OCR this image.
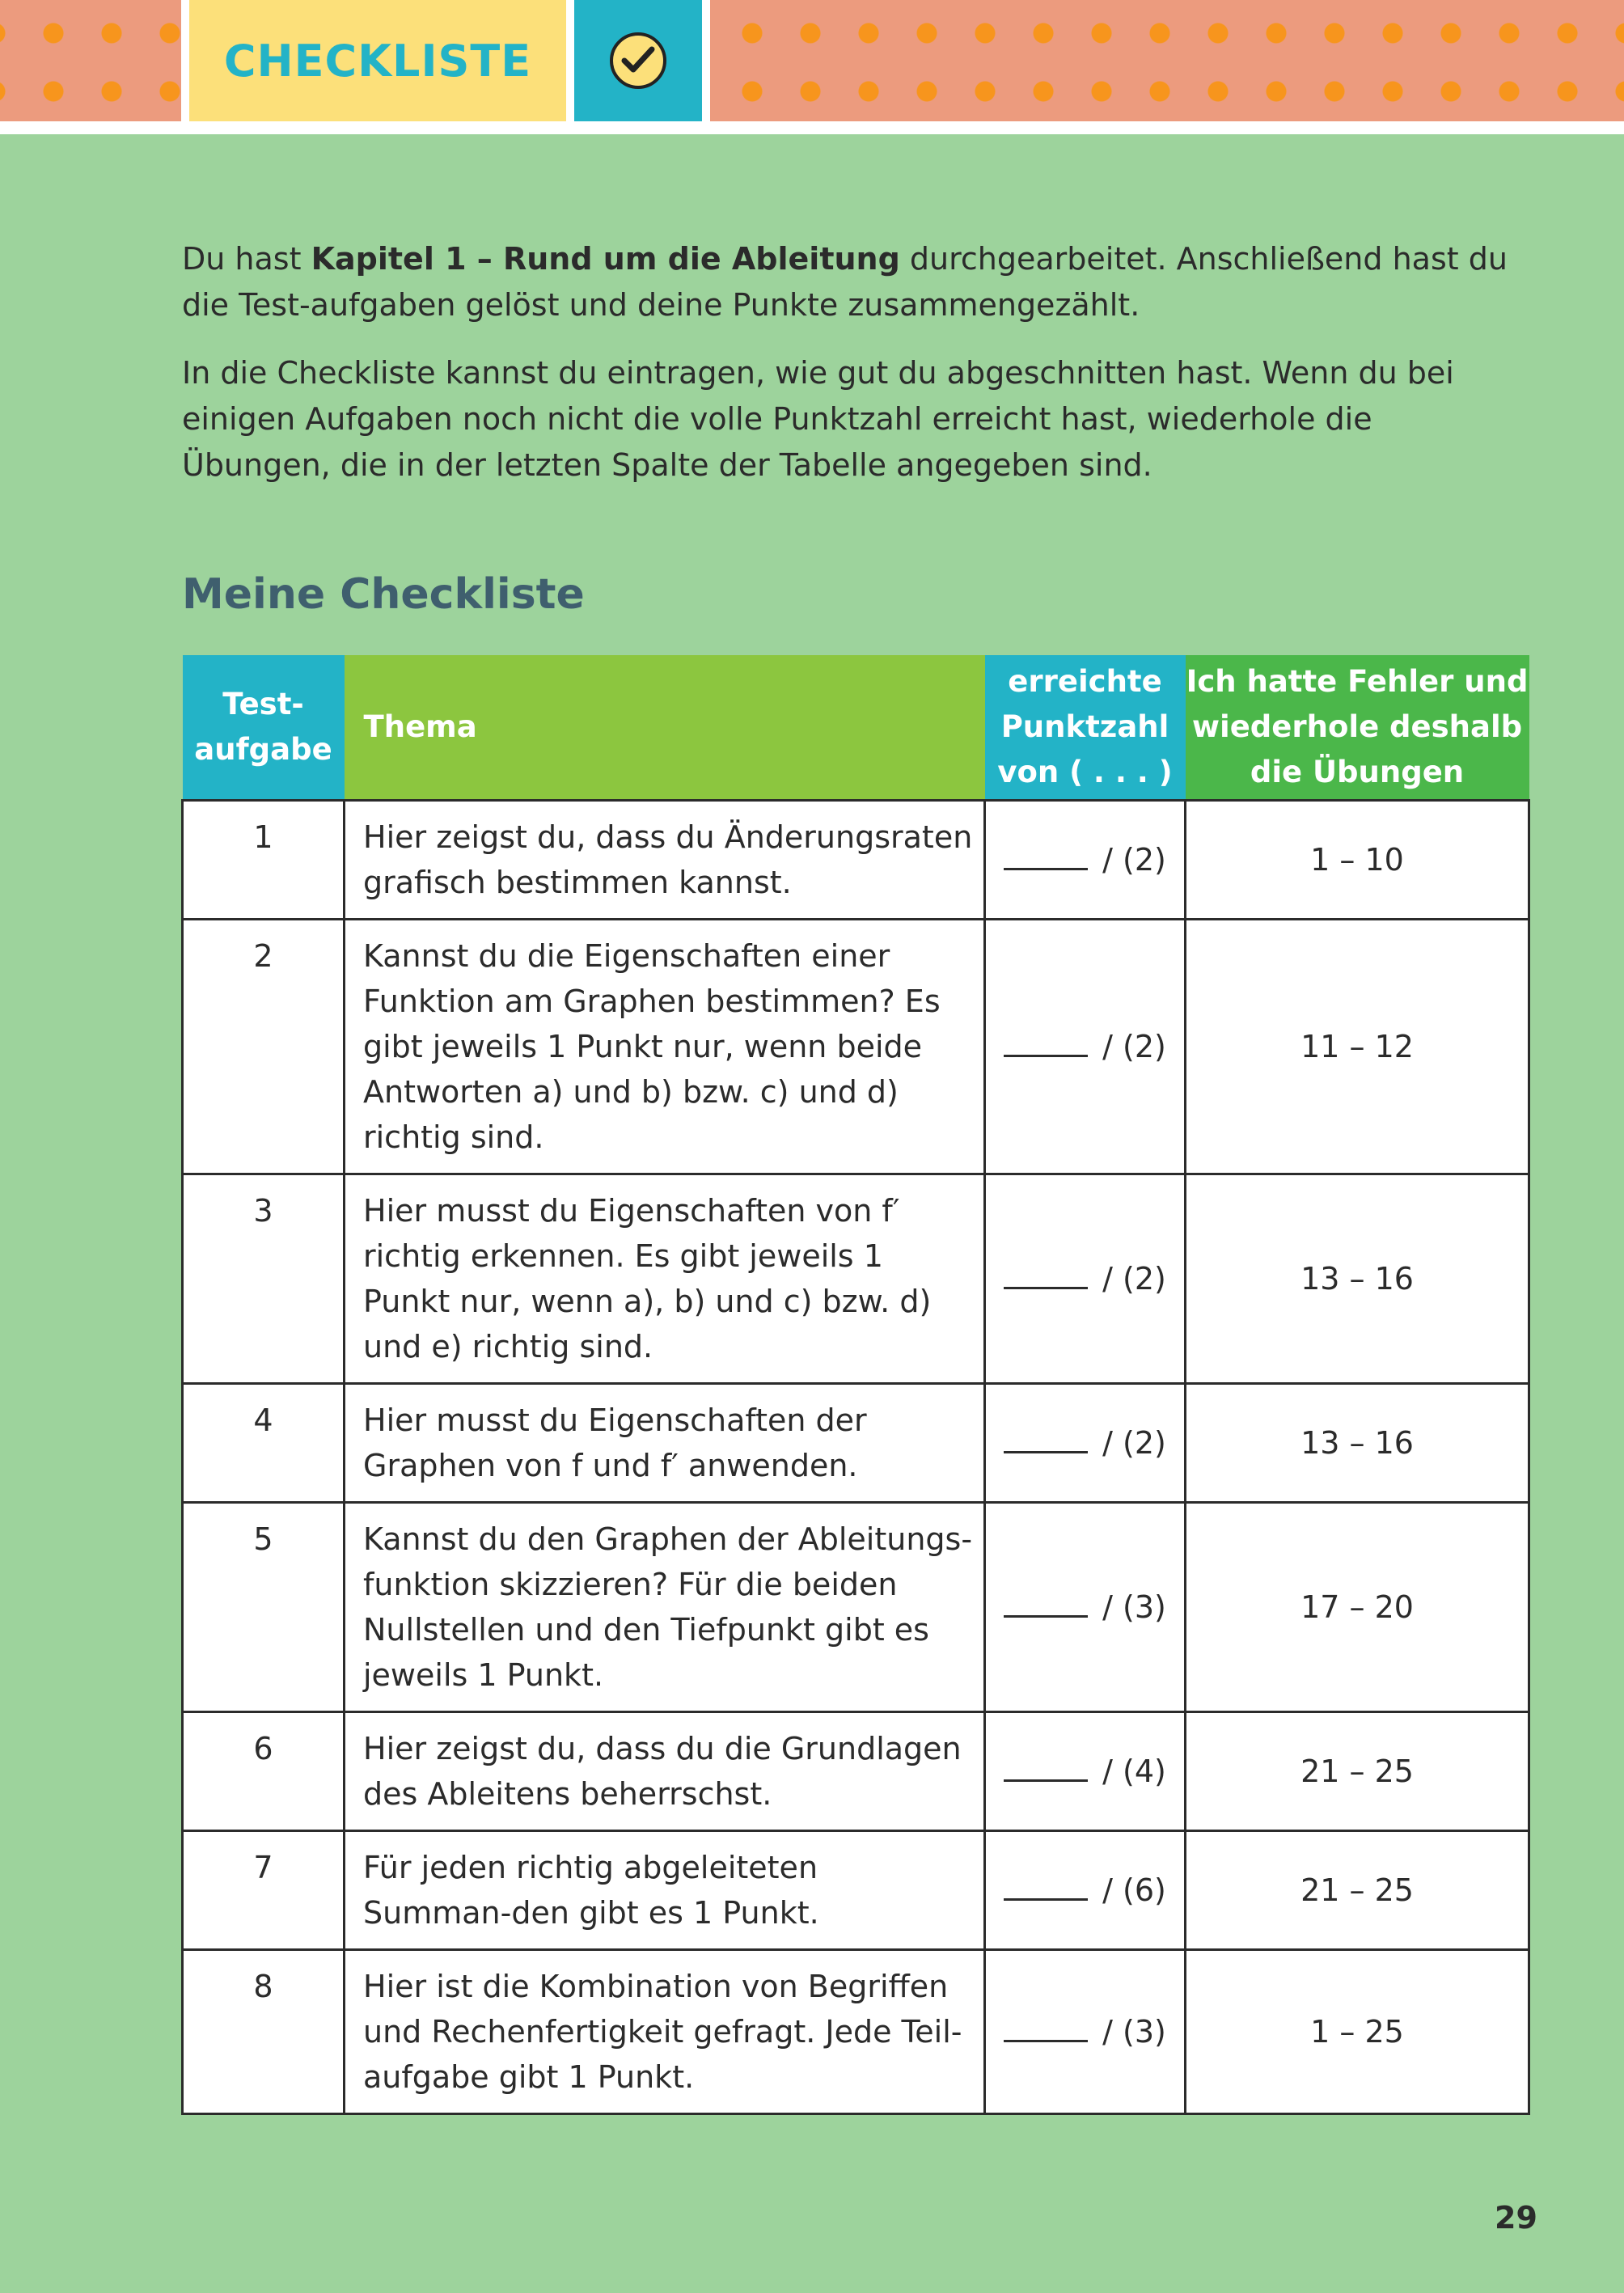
CHECKLISTE

Du hast Kapitel 1 – Rund um die Ableitung durchgearbeitet. Anschließend hast du die Test-aufgaben gelöst und deine Punkte zusammengezählt.

In die Checkliste kannst du eintragen, wie gut du abgeschnitten hast. Wenn du bei einigen Aufgaben noch nicht die volle Punktzahl erreicht hast, wiederhole die Übungen, die in der letzten Spalte der Tabelle angegeben sind.

Meine Checkliste
Test-aufgabe	Thema	erreichte Punktzahl von ( . . . )	Ich hatte Fehler und wiederhole deshalb die Übungen
1	Hier zeigst du, dass du Änderungsraten grafisch bestimmen kannst.	/ (2)	1 – 10
2	Kannst du die Eigenschaften einer Funktion am Graphen bestimmen? Es gibt jeweils 1 Punkt nur, wenn beide Antworten a) und b) bzw. c) und d) richtig sind.	/ (2)	11 – 12
3	Hier musst du Eigenschaften von f′ richtig erkennen. Es gibt jeweils 1 Punkt nur, wenn a), b) und c) bzw. d) und e) richtig sind.	/ (2)	13 – 16
4	Hier musst du Eigenschaften der Graphen von f und f′ anwenden.	/ (2)	13 – 16
5	Kannst du den Graphen der Ableitungs-funktion skizzieren? Für die beiden Nullstellen und den Tiefpunkt gibt es jeweils 1 Punkt.	/ (3)	17 – 20
6	Hier zeigst du, dass du die Grundlagen des Ableitens beherrschst.	/ (4)	21 – 25
7	Für jeden richtig abgeleiteten Summan-den gibt es 1 Punkt.	/ (6)	21 – 25
8	Hier ist die Kombination von Begriffen und Rechenfertigkeit gefragt. Jede Teil-aufgabe gibt 1 Punkt.	/ (3)	1 – 25
29
